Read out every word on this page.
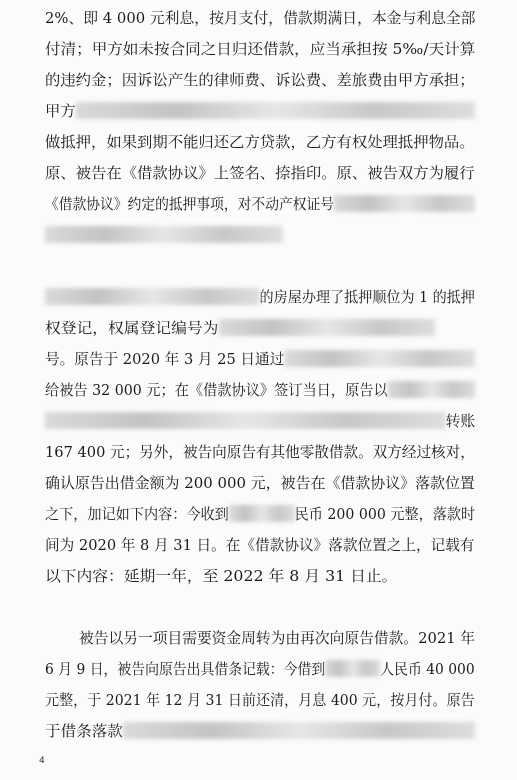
2%、即 4 000 元利息，按月支付，借款期满日，本金与利息全部
付清；甲方如未按合同之日归还借款，应当承担按 5‰/天计算
的违约金；因诉讼产生的律师费、诉讼费、差旅费由甲方承担；
甲方
做抵押，如果到期不能归还乙方贷款，乙方有权处理抵押物品。
原、被告在《借款协议》上签名、捺指印。原、被告双方为履行
《借款协议》约定的抵押事项，对不动产权证号
的房屋办理了抵押顺位为 1 的抵押
权登记，权属登记编号为
号。原告于 2020 年 3 月 25 日通过
给被告 32 000 元；在《借款协议》签订当日，原告以
转账
167 400 元；另外，被告向原告有其他零散借款。双方经过核对，
确认原告出借金额为 200 000 元，被告在《借款协议》落款位置
之下，加记如下内容：今收到	民币 200 000 元整，落款时
间为 2020 年 8 月 31 日。在《借款协议》落款位置之上，记载有
以下内容：延期一年，至 2022 年 8 月 31 日止。
被告以另一项目需要资金周转为由再次向原告借款。2021 年
6 月 9 日，被告向原告出具借条记载：今借到	人民币 40 000
元整，于 2021 年 12 月 31 日前还清，月息 400 元，按月付。原告
于借条落款
4
